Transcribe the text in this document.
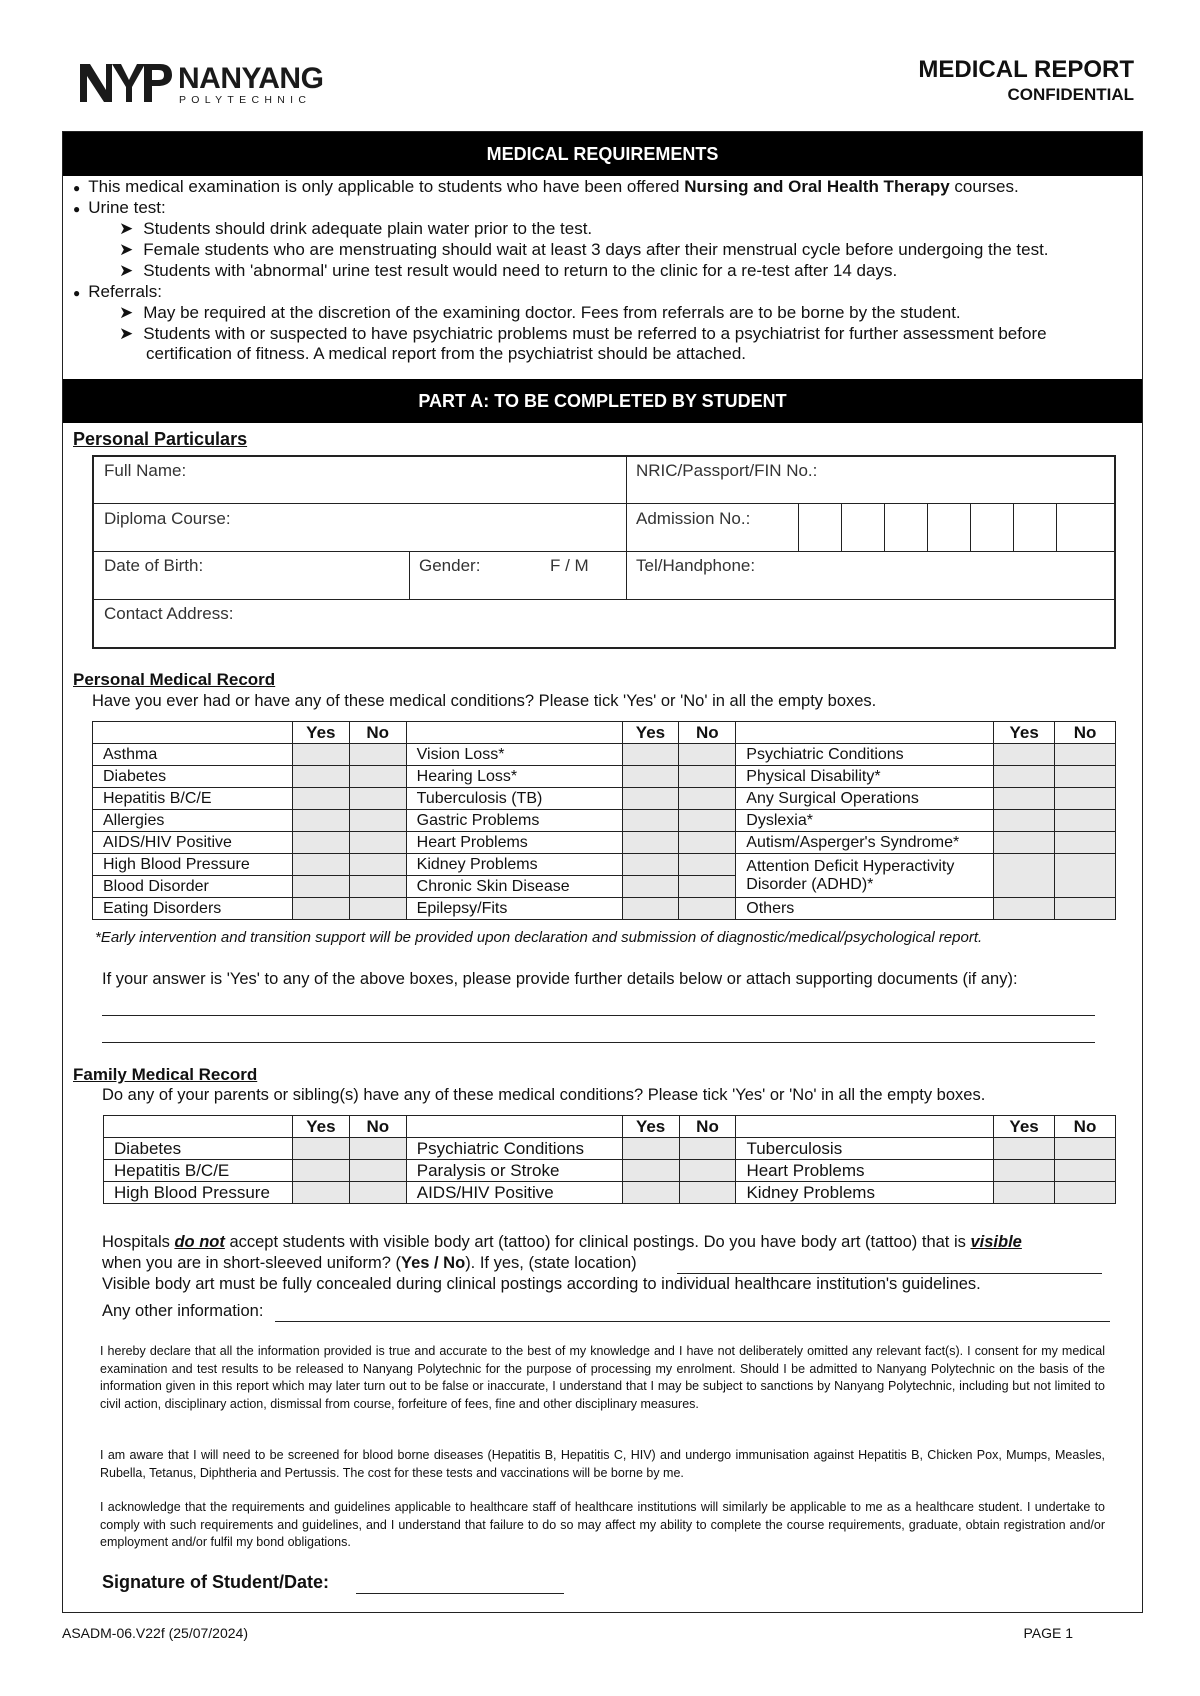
NANYANG
POLYTECHNIC
MEDICAL REPORT
CONFIDENTIAL
MEDICAL REQUIREMENTS
● This medical examination is only applicable to students who have been offered Nursing and Oral Health Therapy courses.
● Urine test:
➤ Students should drink adequate plain water prior to the test.
➤ Female students who are menstruating should wait at least 3 days after their menstrual cycle before undergoing the test.
➤ Students with 'abnormal' urine test result would need to return to the clinic for a re-test after 14 days.
● Referrals:
➤ May be required at the discretion of the examining doctor. Fees from referrals are to be borne by the student.
➤ Students with or suspected to have psychiatric problems must be referred to a psychiatrist for further assessment before
certification of fitness. A medical report from the psychiatrist should be attached.
PART A: TO BE COMPLETED BY STUDENT
Personal Particulars
Full Name:	NRIC/Passport/FIN No.:
Diploma Course:	Admission No.:
Date of Birth:	Gender:	F / M	Tel/Handphone:
Contact Address:
Personal Medical Record
Have you ever had or have any of these medical conditions? Please tick 'Yes' or 'No' in all the empty boxes.
	Yes	No		Yes	No		Yes	No
Asthma			Vision Loss*			Psychiatric Conditions		
Diabetes			Hearing Loss*			Physical Disability*		
Hepatitis B/C/E			Tuberculosis (TB)			Any Surgical Operations		
Allergies			Gastric Problems			Dyslexia*		
AIDS/HIV Positive			Heart Problems			Autism/Asperger's Syndrome*		
High Blood Pressure			Kidney Problems			Attention Deficit Hyperactivity
Disorder (ADHD)*		
Blood Disorder			Chronic Skin Disease					
Eating Disorders			Epilepsy/Fits			Others		
*Early intervention and transition support will be provided upon declaration and submission of diagnostic/medical/psychological report.
If your answer is 'Yes' to any of the above boxes, please provide further details below or attach supporting documents (if any):
Family Medical Record
Do any of your parents or sibling(s) have any of these medical conditions? Please tick 'Yes' or 'No' in all the empty boxes.
	Yes	No		Yes	No		Yes	No
Diabetes			Psychiatric Conditions			Tuberculosis		
Hepatitis B/C/E			Paralysis or Stroke			Heart Problems		
High Blood Pressure			AIDS/HIV Positive			Kidney Problems		
Hospitals do not accept students with visible body art (tattoo) for clinical postings. Do you have body art (tattoo) that is visible
when you are in short-sleeved uniform? (Yes / No). If yes, (state location)
Visible body art must be fully concealed during clinical postings according to individual healthcare institution's guidelines.
Any other information:
I hereby declare that all the information provided is true and accurate to the best of my knowledge and I have not deliberately omitted any relevant fact(s). I consent for my medical examination and test results to be released to Nanyang Polytechnic for the purpose of processing my enrolment. Should I be admitted to Nanyang Polytechnic on the basis of the information given in this report which may later turn out to be false or inaccurate, I understand that I may be subject to sanctions by Nanyang Polytechnic, including but not limited to civil action, disciplinary action, dismissal from course, forfeiture of fees, fine and other disciplinary measures.
I am aware that I will need to be screened for blood borne diseases (Hepatitis B, Hepatitis C, HIV) and undergo immunisation against Hepatitis B, Chicken Pox, Mumps, Measles, Rubella, Tetanus, Diphtheria and Pertussis. The cost for these tests and vaccinations will be borne by me.
I acknowledge that the requirements and guidelines applicable to healthcare staff of healthcare institutions will similarly be applicable to me as a healthcare student. I undertake to comply with such requirements and guidelines, and I understand that failure to do so may affect my ability to complete the course requirements, graduate, obtain registration and/or employment and/or fulfil my bond obligations.
Signature of Student/Date:
ASADM-06.V22f (25/07/2024)	PAGE 1
